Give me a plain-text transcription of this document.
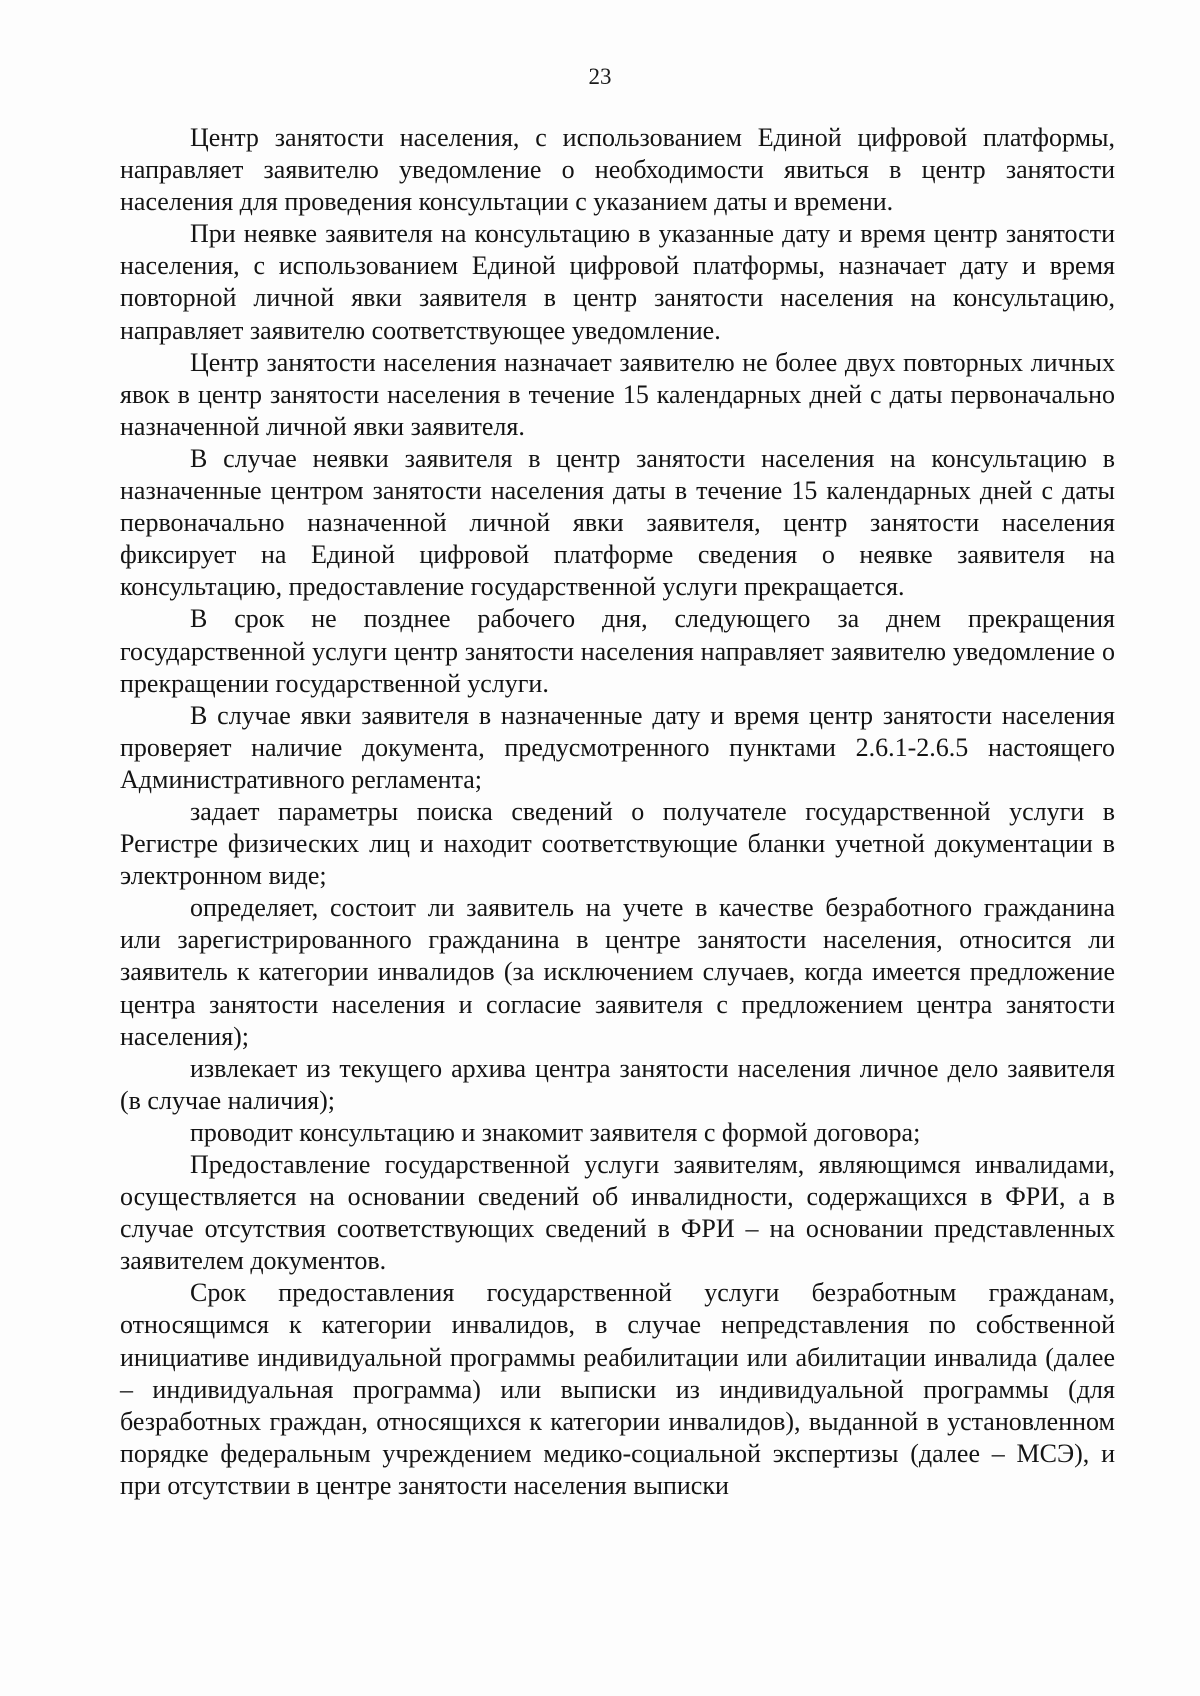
23

Центр занятости населения, с использованием Единой цифровой платформы, направляет заявителю уведомление о необходимости явиться в центр занятости населения для проведения консультации с указанием даты и времени.

При неявке заявителя на консультацию в указанные дату и время центр занятости населения, с использованием Единой цифровой платформы, назначает дату и время повторной личной явки заявителя в центр занятости населения на консультацию, направляет заявителю соответствующее уведомление.

Центр занятости населения назначает заявителю не более двух повторных личных явок в центр занятости населения в течение 15 календарных дней с даты первоначально назначенной личной явки заявителя.

В случае неявки заявителя в центр занятости населения на консультацию в назначенные центром занятости населения даты в течение 15 календарных дней с даты первоначально назначенной личной явки заявителя, центр занятости населения фиксирует на Единой цифровой платформе сведения о неявке заявителя на консультацию, предоставление государственной услуги прекращается.

В срок не позднее рабочего дня, следующего за днем прекращения государственной услуги центр занятости населения направляет заявителю уведомление о прекращении государственной услуги.

В случае явки заявителя в назначенные дату и время центр занятости населения проверяет наличие документа, предусмотренного пунктами 2.6.1-2.6.5 настоящего Административного регламента;

задает параметры поиска сведений о получателе государственной услуги в Регистре физических лиц и находит соответствующие бланки учетной документации в электронном виде;

определяет, состоит ли заявитель на учете в качестве безработного гражданина или зарегистрированного гражданина в центре занятости населения, относится ли заявитель к категории инвалидов (за исключением случаев, когда имеется предложение центра занятости населения и согласие заявителя с предложением центра занятости населения);

извлекает из текущего архива центра занятости населения личное дело заявителя (в случае наличия);

проводит консультацию и знакомит заявителя с формой договора;

Предоставление государственной услуги заявителям, являющимся инвалидами, осуществляется на основании сведений об инвалидности, содержащихся в ФРИ, а в случае отсутствия соответствующих сведений в ФРИ – на основании представленных заявителем документов.

Срок предоставления государственной услуги безработным гражданам, относящимся к категории инвалидов, в случае непредставления по собственной инициативе индивидуальной программы реабилитации или абилитации инвалида (далее – индивидуальная программа) или выписки из индивидуальной программы (для безработных граждан, относящихся к категории инвалидов), выданной в установленном порядке федеральным учреждением медико-социальной экспертизы (далее – МСЭ), и при отсутствии в центре занятости населения выписки
